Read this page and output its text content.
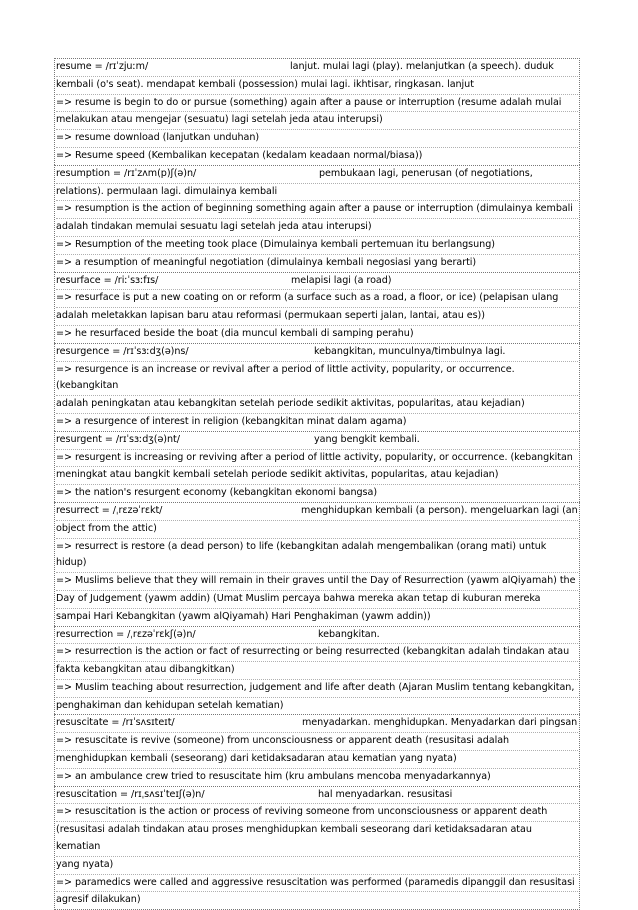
resume = /rɪˈzjuːm/	lanjut. mulai lagi (play). melanjutkan (a speech). duduk
kembali (o's seat). mendapat kembali (possession) mulai lagi. ikhtisar, ringkasan. lanjut
=> resume is begin to do or pursue (something) again after a pause or interruption (resume adalah mulai
melakukan atau mengejar (sesuatu) lagi setelah jeda atau interupsi)
=> resume download (lanjutkan unduhan)
=> Resume speed (Kembalikan kecepatan (kedalam keadaan normal/biasa))
resumption = /rɪˈzʌm(p)ʃ(ə)n/	pembukaan lagi, penerusan (of negotiations,
relations). permulaan lagi. dimulainya kembali
=> resumption is the action of beginning something again after a pause or interruption (dimulainya kembali
adalah tindakan memulai sesuatu lagi setelah jeda atau interupsi)
=> Resumption of the meeting took place (Dimulainya kembali pertemuan itu berlangsung)
=> a resumption of meaningful negotiation (dimulainya kembali negosiasi yang berarti)
resurface = /riːˈsɜːfɪs/	melapisi lagi (a road)
=> resurface is put a new coating on or reform (a surface such as a road, a floor, or ice) (pelapisan ulang
adalah meletakkan lapisan baru atau reformasi (permukaan seperti jalan, lantai, atau es))
=> he resurfaced beside the boat (dia muncul kembali di samping perahu)
resurgence = /rɪˈsɜːdʒ(ə)ns/	kebangkitan, munculnya/timbulnya lagi.
=> resurgence is an increase or revival after a period of little activity, popularity, or occurrence. (kebangkitan
adalah peningkatan atau kebangkitan setelah periode sedikit aktivitas, popularitas, atau kejadian)
=> a resurgence of interest in religion (kebangkitan minat dalam agama)
resurgent = /rɪˈsɜːdʒ(ə)nt/	yang bengkit kembali.
=> resurgent is increasing or reviving after a period of little activity, popularity, or occurrence. (kebangkitan
meningkat atau bangkit kembali setelah periode sedikit aktivitas, popularitas, atau kejadian)
=> the nation's resurgent economy (kebangkitan ekonomi bangsa)
resurrect = /ˌrɛzəˈrɛkt/	menghidupkan kembali (a person). mengeluarkan lagi (an
object from the attic)
=> resurrect is restore (a dead person) to life (kebangkitan adalah mengembalikan (orang mati) untuk hidup)
=> Muslims believe that they will remain in their graves until the Day of Resurrection (yawm alQiyamah) the
Day of Judgement (yawm addin) (Umat Muslim percaya bahwa mereka akan tetap di kuburan mereka
sampai Hari Kebangkitan (yawm alQiyamah) Hari Penghakiman (yawm addin))
resurrection = /ˌrɛzəˈrɛkʃ(ə)n/	kebangkitan.
=> resurrection is the action or fact of resurrecting or being resurrected (kebangkitan adalah tindakan atau
fakta kebangkitan atau dibangkitkan)
=> Muslim teaching about resurrection, judgement and life after death (Ajaran Muslim tentang kebangkitan,
penghakiman dan kehidupan setelah kematian)
resuscitate = /rɪˈsʌsɪteɪt/	menyadarkan. menghidupkan. Menyadarkan dari pingsan
=> resuscitate is revive (someone) from unconsciousness or apparent death (resusitasi adalah
menghidupkan kembali (seseorang) dari ketidaksadaran atau kematian yang nyata)
=> an ambulance crew tried to resuscitate him (kru ambulans mencoba menyadarkannya)
resuscitation = /rɪˌsʌsɪˈteɪʃ(ə)n/	hal menyadarkan. resusitasi
=> resuscitation is the action or process of reviving someone from unconsciousness or apparent death
(resusitasi adalah tindakan atau proses menghidupkan kembali seseorang dari ketidaksadaran atau kematian
yang nyata)
=> paramedics were called and aggressive resuscitation was performed (paramedis dipanggil dan resusitasi
agresif dilakukan)
